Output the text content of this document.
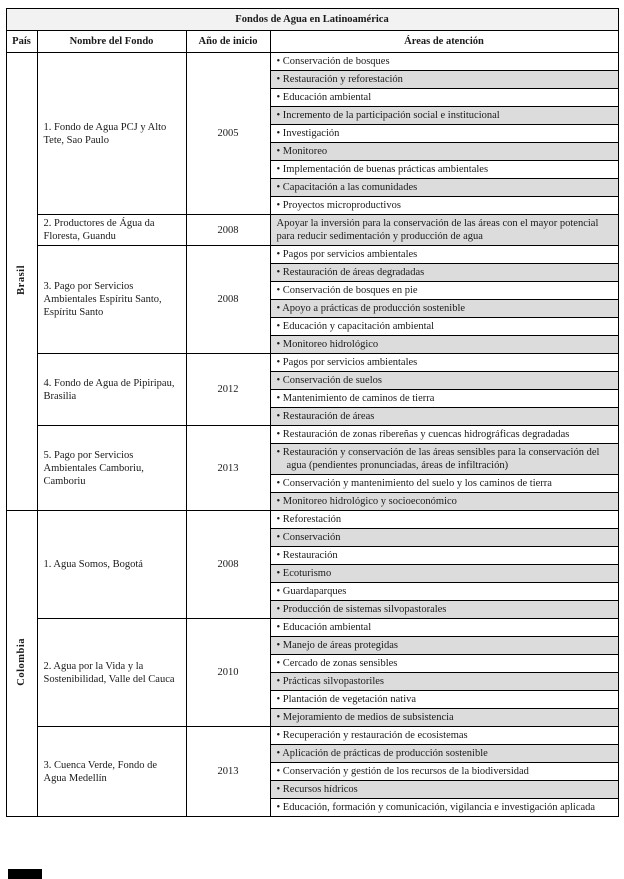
Fondos de Agua en Latinoamérica			
País	Nombre del Fondo	Año de inicio	Áreas de atención
Brasil	1. Fondo de Agua PCJ y Alto Tete, Sao Paulo	2005	• Conservación de bosques
			• Restauración y reforestación
			• Educación ambiental
			• Incremento de la participación social e institucional
			• Investigación
			• Monitoreo
			• Implementación de buenas prácticas ambientales
			• Capacitación a las comunidades
			• Proyectos microproductivos
	2. Productores de Água da Floresta, Guandu	2008	Apoyar la inversión para la conservación de las áreas con el mayor potencial para reducir sedimentación y producción de agua
	3. Pago por Servicios Ambientales Espíritu Santo, Espíritu Santo	2008	• Pagos por servicios ambientales
			• Restauración de áreas degradadas
			• Conservación de bosques en pie
			• Apoyo a prácticas de producción sostenible
			• Educación y capacitación ambiental
			• Monitoreo hidrológico
	4. Fondo de Agua de Pipiripau, Brasilia	2012	• Pagos por servicios ambientales
			• Conservación de suelos
			• Mantenimiento de caminos de tierra
			• Restauración de áreas
	5. Pago por Servicios Ambientales Camboriu, Camboriu	2013	• Restauración de zonas ribereñas y cuencas hidrográficas degradadas
			• Restauración y conservación de las áreas sensibles para la conservación del agua (pendientes pronunciadas, áreas de infiltración)
			• Conservación y mantenimiento del suelo y los caminos de tierra
			• Monitoreo hidrológico y socioeconómico
Colombia	1. Agua Somos, Bogotá	2008	• Reforestación
			• Conservación
			• Restauración
			• Ecoturismo
			• Guardaparques
			• Producción de sistemas silvopastorales
	2. Agua por la Vida y la Sostenibilidad, Valle del Cauca	2010	• Educación ambiental
			• Manejo de áreas protegidas
			• Cercado de zonas sensibles
			• Prácticas silvopastoriles
			• Plantación de vegetación nativa
			• Mejoramiento de medios de subsistencia
	3. Cuenca Verde, Fondo de Agua Medellín	2013	• Recuperación y restauración de ecosistemas
			• Aplicación de prácticas de producción sostenible
			• Conservación y gestión de los recursos de la biodiversidad
			• Recursos hídricos
			• Educación, formación y comunicación, vigilancia e investigación aplicada
